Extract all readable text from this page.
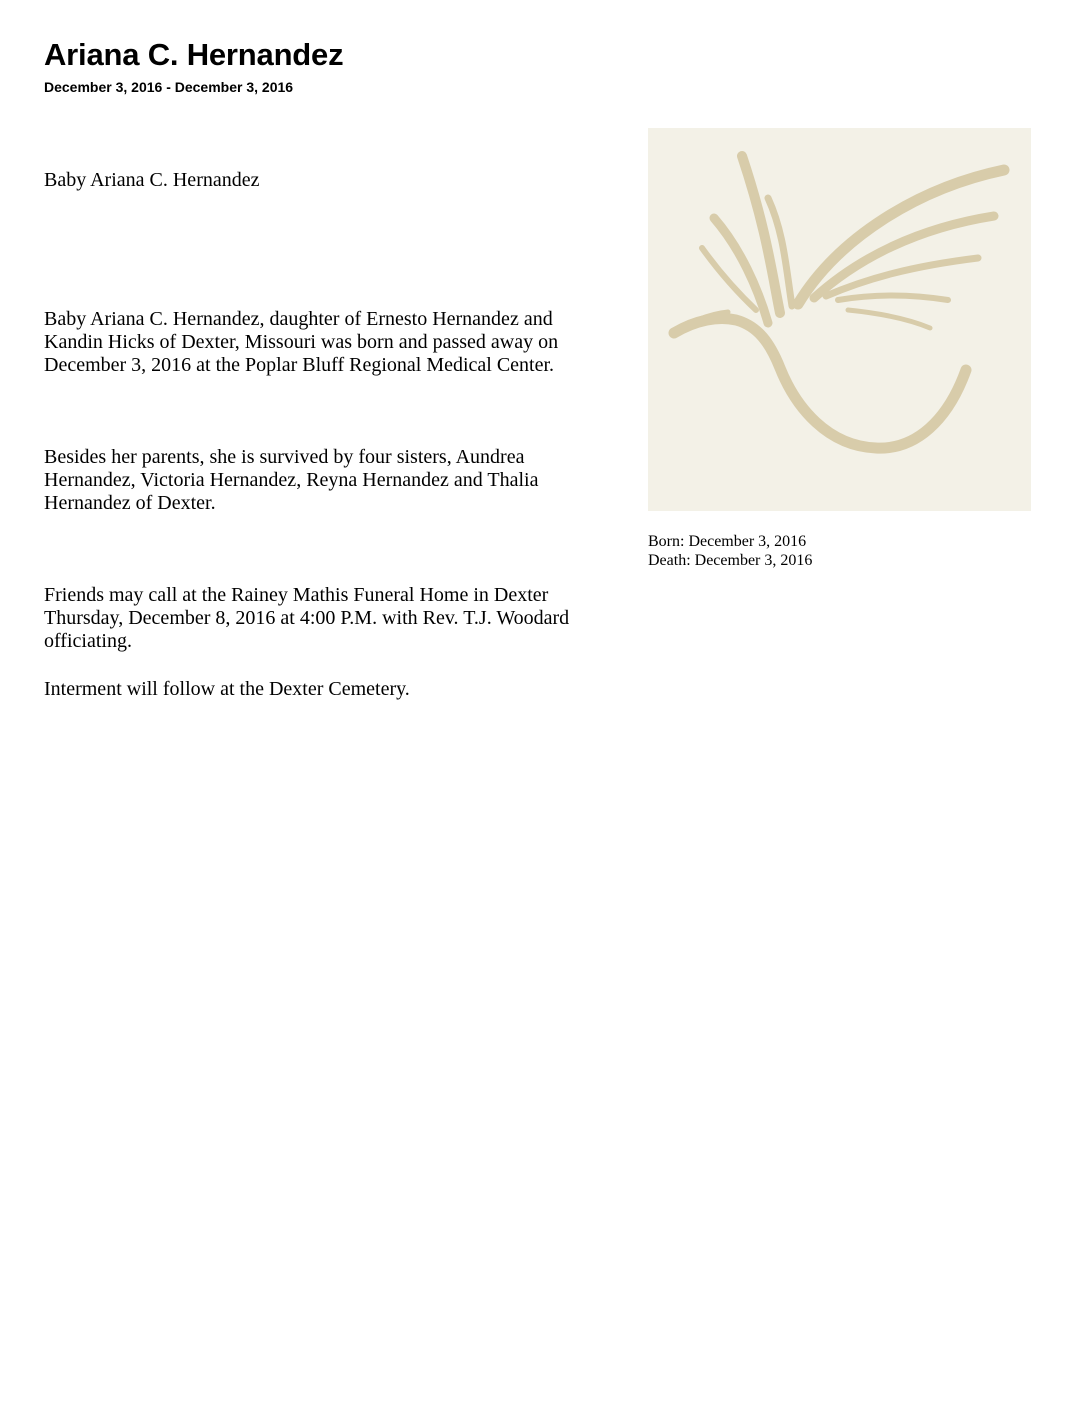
Ariana C. Hernandez
December 3, 2016 - December 3, 2016

Baby Ariana C. Hernandez

Baby Ariana C. Hernandez, daughter of Ernesto Hernandez and Kandin Hicks of Dexter, Missouri was born and passed away on December 3, 2016 at the Poplar Bluff Regional Medical Center.

Besides her parents, she is survived by four sisters, Aundrea Hernandez, Victoria Hernandez, Reyna Hernandez and Thalia Hernandez of Dexter.

Friends may call at the Rainey Mathis Funeral Home in Dexter Thursday, December 8, 2016 at 4:00 P.M. with Rev. T.J. Woodard officiating.

Interment will follow at the Dexter Cemetery.

Born: December 3, 2016
Death: December 3, 2016
